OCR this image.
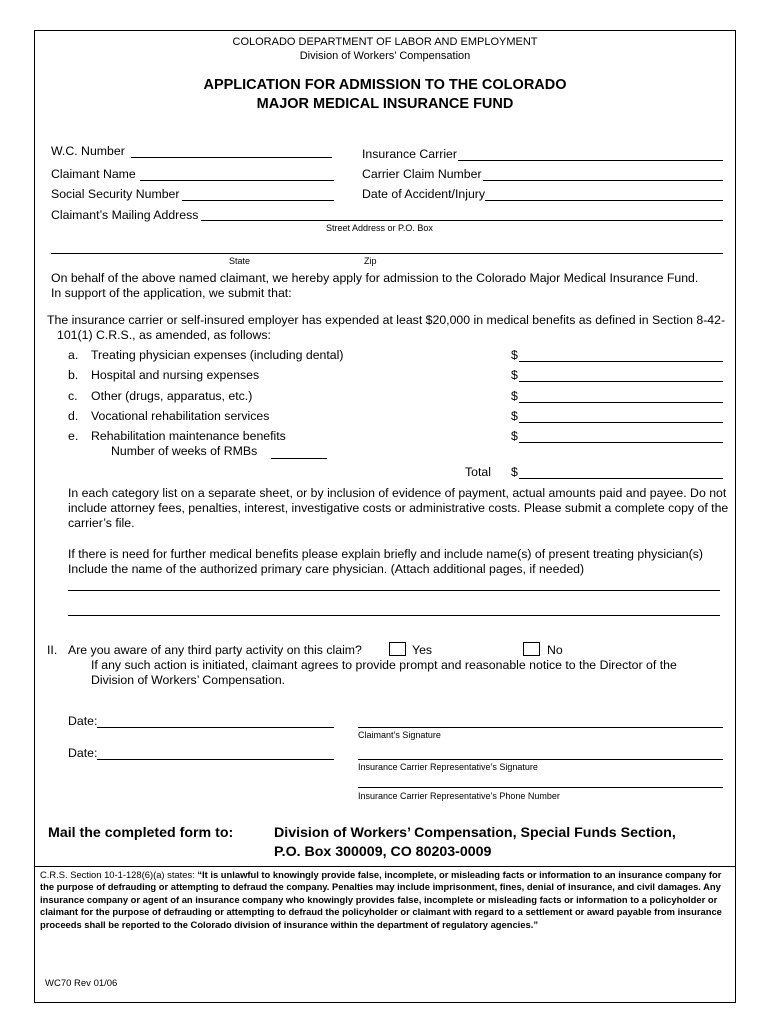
COLORADO DEPARTMENT OF LABOR AND EMPLOYMENT
Division of Workers’ Compensation
APPLICATION FOR ADMISSION TO THE COLORADO
MAJOR MEDICAL INSURANCE FUND
W.C. Number	Insurance Carrier
Claimant Name	Carrier Claim Number
Social Security Number	Date of Accident/Injury
Claimant’s Mailing Address
Street Address or P.O. Box
State	Zip
On behalf of the above named claimant, we hereby apply for admission to the Colorado Major Medical Insurance Fund.
In support of the application, we submit that:
The insurance carrier or self-insured employer has expended at least $20,000 in medical benefits as defined in Section 8-42-
101(1) C.R.S., as amended, as follows:
a. Treating physician expenses (including dental)	$
b. Hospital and nursing expenses	$
c. Other (drugs, apparatus, etc.)	$
d. Vocational rehabilitation services	$
e. Rehabilitation maintenance benefits	$
Number of weeks of RMBs
Total $
In each category list on a separate sheet, or by inclusion of evidence of payment, actual amounts paid and payee. Do not
include attorney fees, penalties, interest, investigative costs or administrative costs. Please submit a complete copy of the
carrier’s file.
If there is need for further medical benefits please explain briefly and include name(s) of present treating physician(s)
Include the name of the authorized primary care physician. (Attach additional pages, if needed)
II. Are you aware of any third party activity on this claim?	Yes	No
If any such action is initiated, claimant agrees to provide prompt and reasonable notice to the Director of the
Division of Workers’ Compensation.
Date:
Claimant’s Signature
Date:
Insurance Carrier Representative’s Signature
Insurance Carrier Representative’s Phone Number
Mail the completed form to:	Division of Workers’ Compensation, Special Funds Section,
P.O. Box 300009, CO 80203-0009
C.R.S. Section 10-1-128(6)(a) states: “It is unlawful to knowingly provide false, incomplete, or misleading facts or information to an insurance company for the purpose of defrauding or attempting to defraud the company. Penalties may include imprisonment, fines, denial of insurance, and civil damages. Any insurance company or agent of an insurance company who knowingly provides false, incomplete or misleading facts or information to a policyholder or claimant for the purpose of defrauding or attempting to defraud the policyholder or claimant with regard to a settlement or award payable from insurance proceeds shall be reported to the Colorado division of insurance within the department of regulatory agencies.”
WC70 Rev 01/06
